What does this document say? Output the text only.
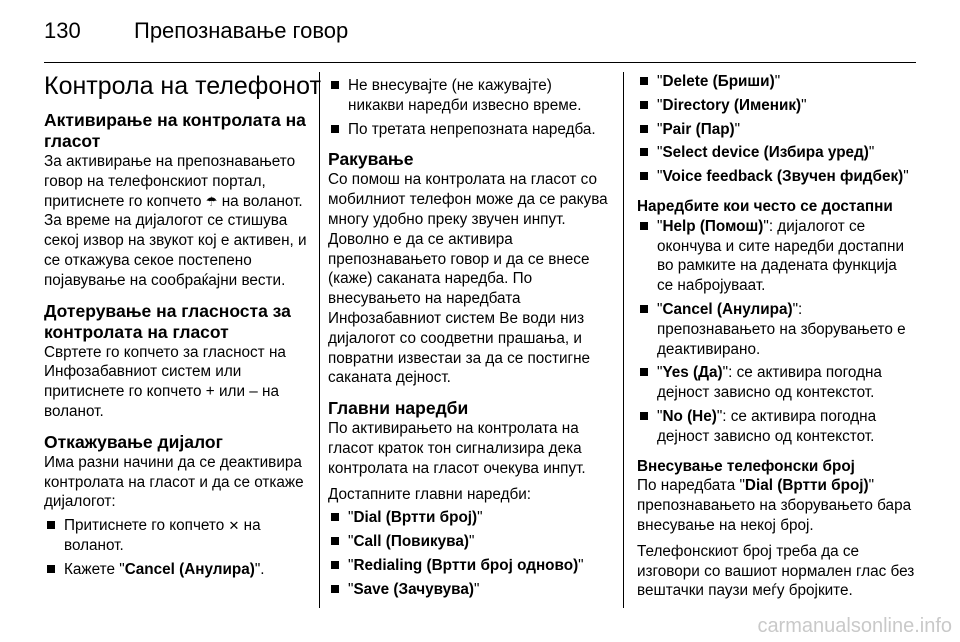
130 Препознавање говор
Контрола на телефонот
Активирање на контролата на гласот

За активирање на препознавањето говор на телефонскиот портал, притиснете го копчето ☂ на воланот. За време на дијалогот се стишува секој извор на звукот кој е активен, и се откажува секое постепено појавување на сообраќајни вести.

Дотерување на гласноста за контролата на гласот

Свртете го копчето за гласност на Инфозабавниот систем или притиснете го копчето + или – на воланот.

Откажување дијалог

Има разни начини да се деактивира контролата на гласот и да се откаже дијалогот:

Притиснете го копчето ✕ на воланот.
Кажете "Cancel (Анулира)".
Не внесувајте (не кажувајте) никакви наредби извесно време.
По третата непрепозната наредба.
Ракување

Со помош на контролата на гласот со мобилниот телефон може да се ракува многу удобно преку звучен инпут. Доволно е да се активира препознавањето говор и да се внесе (каже) саканата наредба. По внесувањето на наредбата Инфозабавниот систем Ве води низ дијалогот со соодветни прашања, и повратни известаи за да се постигне саканата дејност.

Главни наредби

По активирањето на контролата на гласот краток тон сигнализира дека контролата на гласот очекува инпут.

Достапните главни наредби:

"Dial (Вртти број)"
"Call (Повикува)"
"Redialing (Вртти број одново)"
"Save (Зачувува)"
"Delete (Бриши)"
"Directory (Именик)"
"Pair (Пар)"
"Select device (Избира уред)"
"Voice feedback (Звучен фидбек)"
Наредбите кои често се достапни
"Help (Помош)": дијалогот се окончува и сите наредби достапни во рамките на дадената функција се набројуваат.
"Cancel (Анулира)": препознавањето на зборувањето е деактивирано.
"Yes (Да)": се активира погодна дејност зависно од контекстот.
"No (Не)": се активира погодна дејност зависно од контекстот.
Внесување телефонски број

По наредбата "Dial (Вртти број)" препознавањето на зборувањето бара внесување на некој број.

Телефонскиот број треба да се изговори со вашиот нормален глас без вештачки паузи меѓу бројките.

carmanualsonline.info
